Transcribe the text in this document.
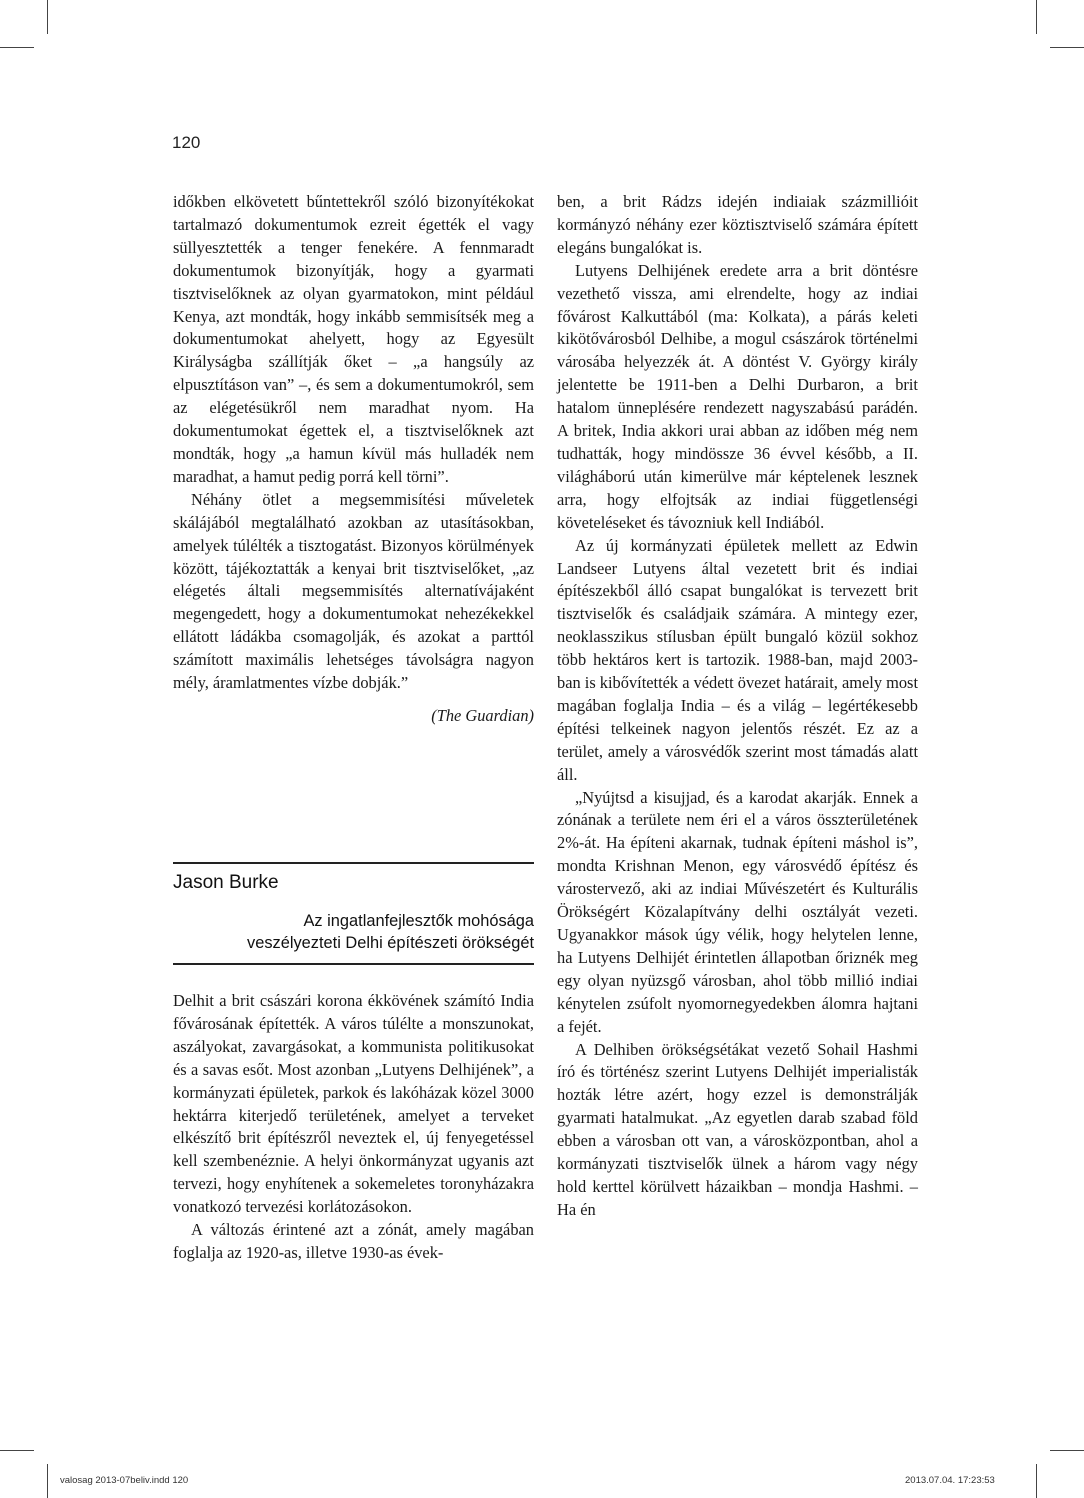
120

időkben elkövetett bűntettekről szóló bizonyítékokat tartalmazó dokumentumok ezreit égették el vagy süllyesztették a tenger fenekére. A fennmaradt dokumentumok bizonyítják, hogy a gyarmati tisztviselőknek az olyan gyarmatokon, mint például Kenya, azt mondták, hogy inkább semmisítsék meg a dokumentumokat ahelyett, hogy az Egyesült Királyságba szállítják őket – „a hangsúly az elpusztításon van” –, és sem a dokumentumokról, sem az elégetésükről nem maradhat nyom. Ha dokumentumokat égettek el, a tisztviselőknek azt mondták, hogy „a hamun kívül más hulladék nem maradhat, a hamut pedig porrá kell törni”.

Néhány ötlet a megsemmisítési műveletek skálájából megtalálható azokban az utasításokban, amelyek túlélték a tisztogatást. Bizonyos körülmények között, tájékoztatták a kenyai brit tisztviselőket, „az elégetés általi megsemmisítés alternatívájaként megengedett, hogy a dokumentumokat nehezékekkel ellátott ládákba csomagolják, és azokat a parttól számított maximális lehetséges távolságra nagyon mély, áramlatmentes vízbe dobják.”

(The Guardian)

Jason Burke
Az ingatlanfejlesztők mohósága
veszélyezteti Delhi építészeti örökségét

Delhit a brit császári korona ékkövének számító India fővárosának építették. A város túlélte a monszunokat, aszályokat, zavargásokat, a kommunista politikusokat és a savas esőt. Most azonban „Lutyens Delhijének”, a kormányzati épületek, parkok és lakóházak közel 3000 hektárra kiterjedő területének, amelyet a terveket elkészítő brit építészről neveztek el, új fenyegetéssel kell szembenéznie. A helyi önkormányzat ugyanis azt tervezi, hogy enyhítenek a sokemeletes toronyházakra vonatkozó tervezési korlátozásokon.

A változás érintené azt a zónát, amely magában foglalja az 1920-as, illetve 1930-as évek-

ben, a brit Rádzs idején indiaiak százmillióit kormányzó néhány ezer köztisztviselő számára épített elegáns bungalókat is.

Lutyens Delhijének eredete arra a brit döntésre vezethető vissza, ami elrendelte, hogy az indiai fővárost Kalkuttából (ma: Kolkata), a párás keleti kikötővárosból Delhibe, a mogul császárok történelmi városába helyezzék át. A döntést V. György király jelentette be 1911-ben a Delhi Durbaron, a brit hatalom ünneplésére rendezett nagyszabású parádén. A britek, India akkori urai abban az időben még nem tudhatták, hogy mindössze 36 évvel később, a II. világháború után kimerülve már képtelenek lesznek arra, hogy elfojtsák az indiai függetlenségi követeléseket és távozniuk kell Indiából.

Az új kormányzati épületek mellett az Edwin Landseer Lutyens által vezetett brit és indiai építészekből álló csapat bungalókat is tervezett brit tisztviselők és családjaik számára. A mintegy ezer, neoklasszikus stílusban épült bungaló közül sokhoz több hektáros kert is tartozik. 1988-ban, majd 2003-ban is kibővítették a védett övezet határait, amely most magában foglalja India – és a világ – legértékesebb építési telkeinek nagyon jelentős részét. Ez az a terület, amely a városvédők szerint most támadás alatt áll.

„Nyújtsd a kisujjad, és a karodat akarják. Ennek a zónának a területe nem éri el a város összterületének 2%-át. Ha építeni akarnak, tudnak építeni máshol is”, mondta Krishnan Menon, egy városvédő építész és várostervező, aki az indiai Művészetért és Kulturális Örökségért Közalapítvány delhi osztályát vezeti. Ugyanakkor mások úgy vélik, hogy helytelen lenne, ha Lutyens Delhijét érintetlen állapotban őriznék meg egy olyan nyüzsgő városban, ahol több millió indiai kénytelen zsúfolt nyomornegyedekben álomra hajtani a fejét.

A Delhiben örökségsétákat vezető Sohail Hashmi író és történész szerint Lutyens Delhijét imperialisták hozták létre azért, hogy ezzel is demonstrálják gyarmati hatalmukat. „Az egyetlen darab szabad föld ebben a városban ott van, a városközpontban, ahol a kormányzati tisztviselők ülnek a három vagy négy hold kerttel körülvett házaikban – mondja Hashmi. – Ha én

valosag 2013-07beliv.indd 120	2013.07.04. 17:23:53
